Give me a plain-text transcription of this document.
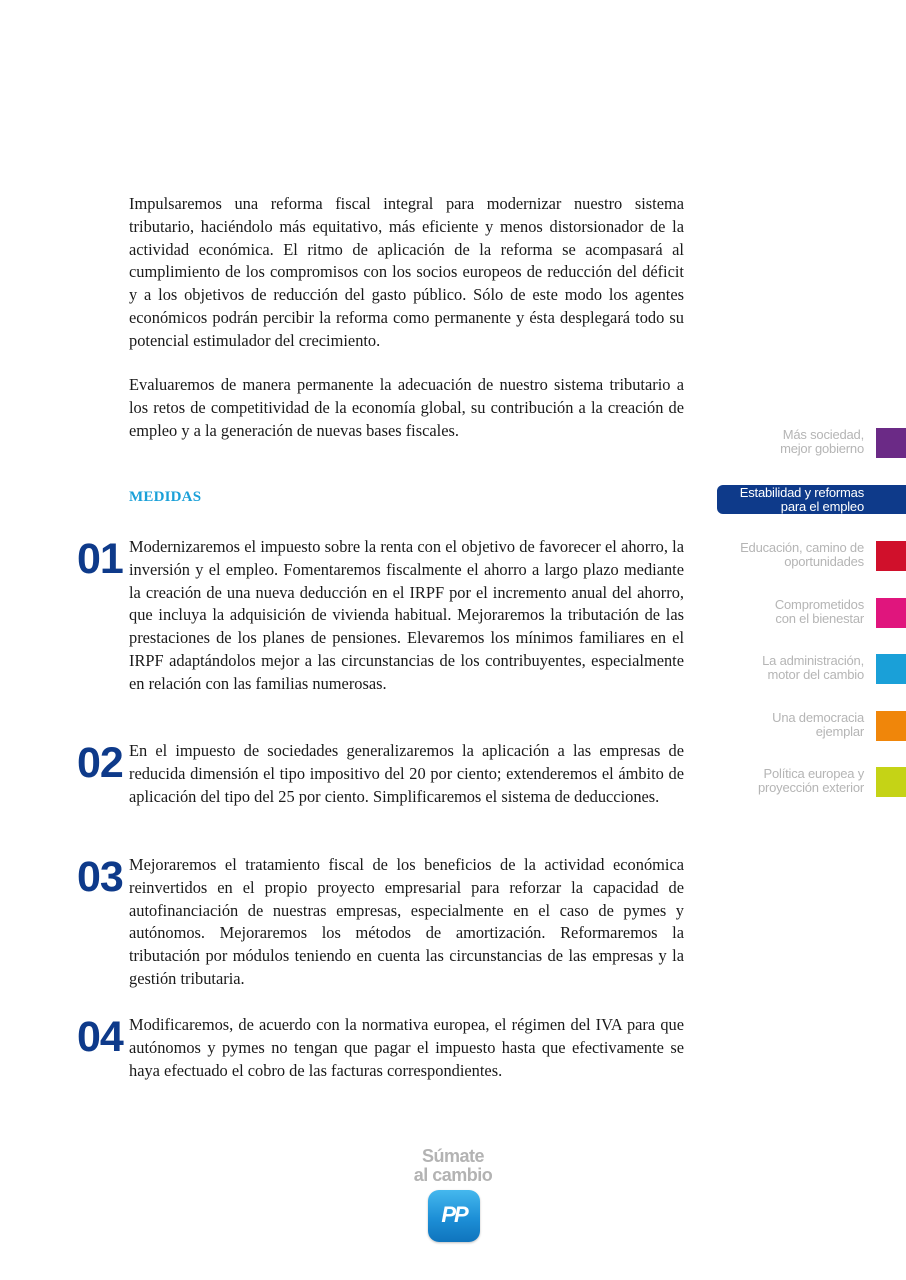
Impulsaremos una reforma fiscal integral para modernizar nuestro sistema tributario, haciéndolo más equitativo, más eficiente y menos distorsionador de la actividad económica. El ritmo de aplicación de la reforma se acompasará al cumplimiento de los compromisos con los socios europeos de reducción del déficit y a los objetivos de reducción del gasto público. Sólo de este modo los agentes económicos podrán percibir la reforma como permanente y ésta desplegará todo su potencial estimulador del crecimiento.

Evaluaremos de manera permanente la adecuación de nuestro sistema tributario a los retos de competitividad de la economía global, su contribución a la creación de empleo y a la generación de nuevas bases fiscales.

MEDIDAS
01 Modernizaremos el impuesto sobre la renta con el objetivo de favorecer el ahorro, la inversión y el empleo. Fomentaremos fiscalmente el ahorro a largo plazo mediante la creación de una nueva deducción en el IRPF por el incremento anual del ahorro, que incluya la adquisición de vivienda habitual. Mejoraremos la tributación de las prestaciones de los planes de pensiones. Elevaremos los mínimos familiares en el IRPF adaptándolos mejor a las circunstancias de los contribuyentes, especialmente en relación con las familias numerosas.

02 En el impuesto de sociedades generalizaremos la aplicación a las empresas de reducida dimensión el tipo impositivo del 20 por ciento; extenderemos el ámbito de aplicación del tipo del 25 por ciento. Simplificaremos el sistema de deducciones.

03 Mejoraremos el tratamiento fiscal de los beneficios de la actividad económica reinvertidos en el propio proyecto empresarial para reforzar la capacidad de autofinanciación de nuestras empresas, especialmente en el caso de pymes y autónomos. Mejoraremos los métodos de amortización. Reformaremos la tributación por módulos teniendo en cuenta las circunstancias de las empresas y la gestión tributaria.

04 Modificaremos, de acuerdo con la normativa europea, el régimen del IVA para que autónomos y pymes no tengan que pagar el impuesto hasta que efectivamente se haya efectuado el cobro de las facturas correspondientes.

Más sociedad,
mejor gobierno
Estabilidad y reformas
para el empleo
Educación, camino de
oportunidades
Comprometidos
con el bienestar
La administración,
motor del cambio
Una democracia
ejemplar
Política europea y
proyección exterior
Súmate
al cambio
PP
